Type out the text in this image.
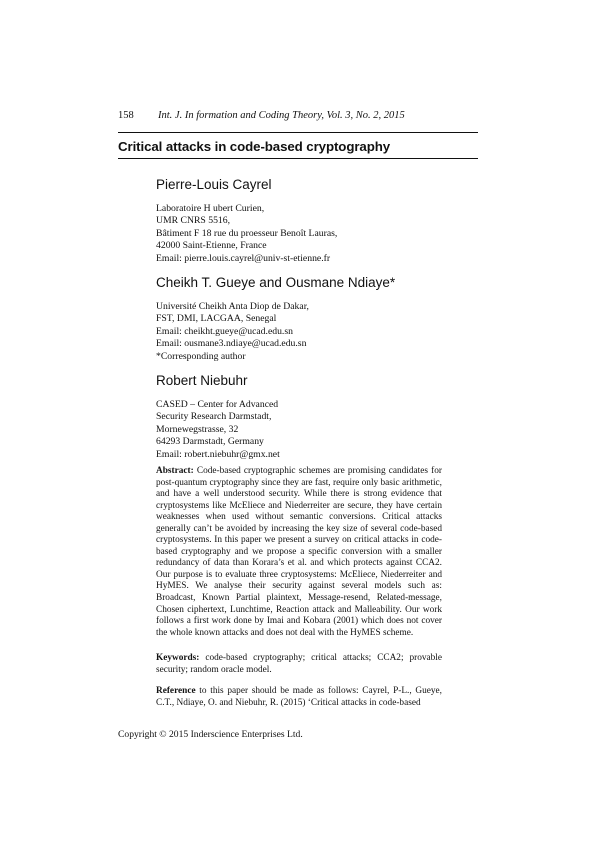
158 Int. J. In formation and Coding Theory, Vol. 3, No. 2, 2015
Critical attacks in code-based cryptography
Pierre-Louis Cayrel
Laboratoire H ubert Curien,
UMR CNRS 5516,
Bâtiment F 18 rue du proesseur Benoît Lauras,
42000 Saint-Etienne, France
Email: pierre.louis.cayrel@univ-st-etienne.fr
Cheikh T. Gueye and Ousmane Ndiaye*
Université Cheikh Anta Diop de Dakar,
FST, DMI, LACGAA, Senegal
Email: cheikht.gueye@ucad.edu.sn
Email: ousmane3.ndiaye@ucad.edu.sn
*Corresponding author
Robert Niebuhr
CASED – Center for Advanced
Security Research Darmstadt,
Mornewegstrasse, 32
64293 Darmstadt, Germany
Email: robert.niebuhr@gmx.net
Abstract: Code-based cryptographic schemes are promising candidates for post-quantum cryptography since they are fast, require only basic arithmetic, and have a well understood security. While there is strong evidence that cryptosystems like McEliece and Niederreiter are secure, they have certain weaknesses when used without semantic conversions. Critical attacks generally can’t be avoided by increasing the key size of several code-based cryptosystems. In this paper we present a survey on critical attacks in code-based cryptography and we propose a specific conversion with a smaller redundancy of data than Korara’s et al. and which protects against CCA2. Our purpose is to evaluate three cryptosystems: McEliece, Niederreiter and HyMES. We analyse their security against several models such as: Broadcast, Known Partial plaintext, Message-resend, Related-message, Chosen ciphertext, Lunchtime, Reaction attack and Malleability. Our work follows a first work done by Imai and Kobara (2001) which does not cover the whole known attacks and does not deal with the HyMES scheme.
Keywords: code-based cryptography; critical attacks; CCA2; provable security; random oracle model.
Reference to this paper should be made as follows: Cayrel, P-L., Gueye, C.T., Ndiaye, O. and Niebuhr, R. (2015) ‘Critical attacks in code-based
Copyright © 2015 Inderscience Enterprises Ltd.
